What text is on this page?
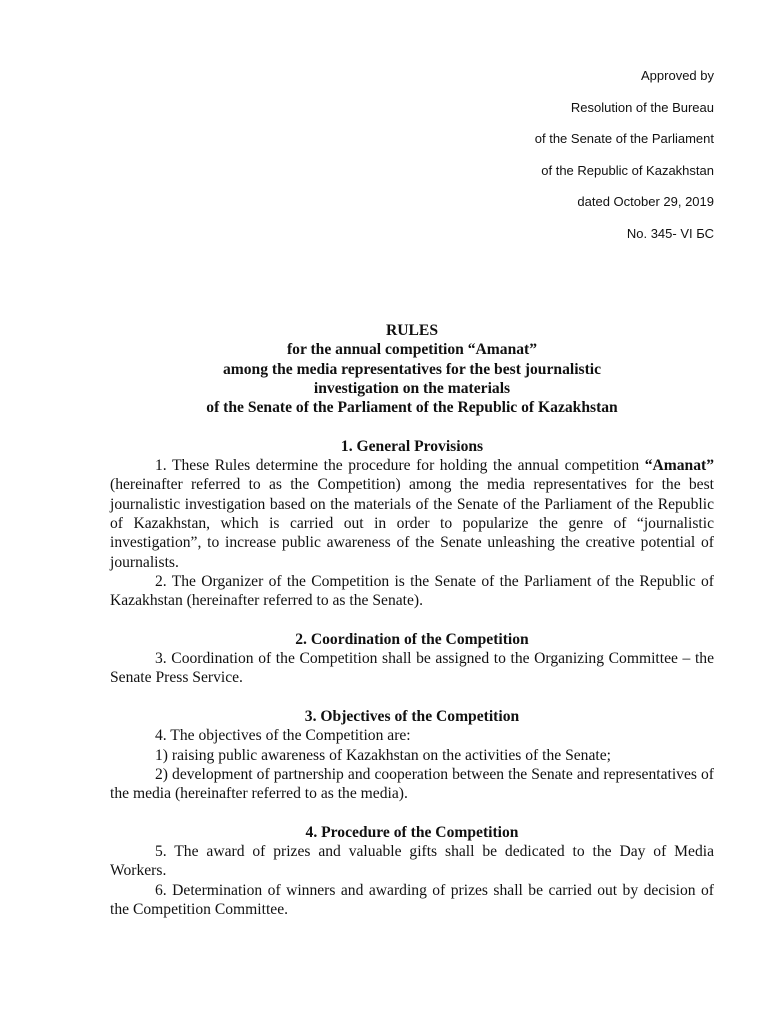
Approved by
Resolution of the Bureau
of the Senate of the Parliament
of the Republic of Kazakhstan
dated October 29, 2019
No. 345- VI БС
RULES
for the annual competition “Amanat”
among the media representatives for the best journalistic
investigation on the materials
of the Senate of the Parliament of the Republic of Kazakhstan
1. General Provisions

1. These Rules determine the procedure for holding the annual competition “Amanat” (hereinafter referred to as the Competition) among the media representatives for the best journalistic investigation based on the materials of the Senate of the Parliament of the Republic of Kazakhstan, which is carried out in order to popularize the genre of “journalistic investigation”, to increase public awareness of the Senate unleashing the creative potential of journalists.

2. The Organizer of the Competition is the Senate of the Parliament of the Republic of Kazakhstan (hereinafter referred to as the Senate).

2. Coordination of the Competition

3. Coordination of the Competition shall be assigned to the Organizing Committee – the Senate Press Service.

3. Objectives of the Competition

4. The objectives of the Competition are:

1) raising public awareness of Kazakhstan on the activities of the Senate;

2) development of partnership and cooperation between the Senate and representatives of the media (hereinafter referred to as the media).

4. Procedure of the Competition

5. The award of prizes and valuable gifts shall be dedicated to the Day of Media Workers.

6. Determination of winners and awarding of prizes shall be carried out by decision of the Competition Committee.
